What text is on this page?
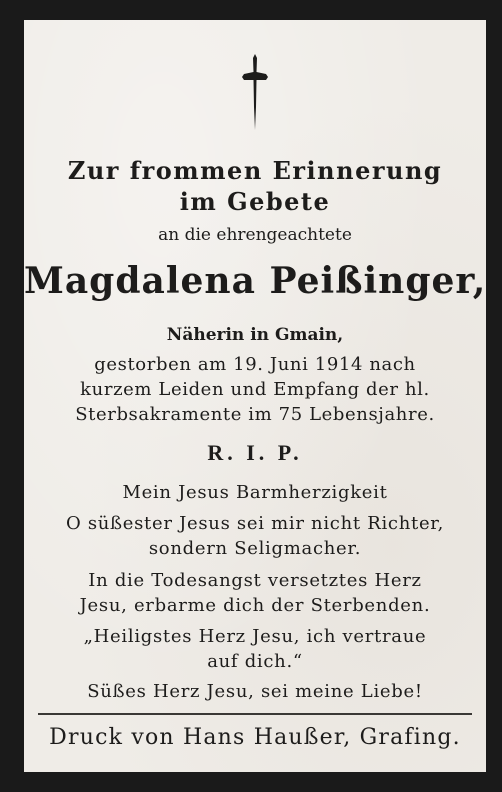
Zur frommen Erinnerung
im Gebete
an die ehrengeachtete
Magdalena Peißinger,
Näherin in Gmain,
gestorben am 19. Juni 1914 nach
kurzem Leiden und Empfang der hl.
Sterbsakramente im 75 Lebensjahre.
R. I. P.
Mein Jesus Barmherzigkeit
O süßester Jesus sei mir nicht Richter,
sondern Seligmacher.
In die Todesangst versetztes Herz
Jesu, erbarme dich der Sterbenden.
„Heiligstes Herz Jesu, ich vertraue
auf dich.“
Süßes Herz Jesu, sei meine Liebe!
Druck von Hans Haußer, Grafing.
